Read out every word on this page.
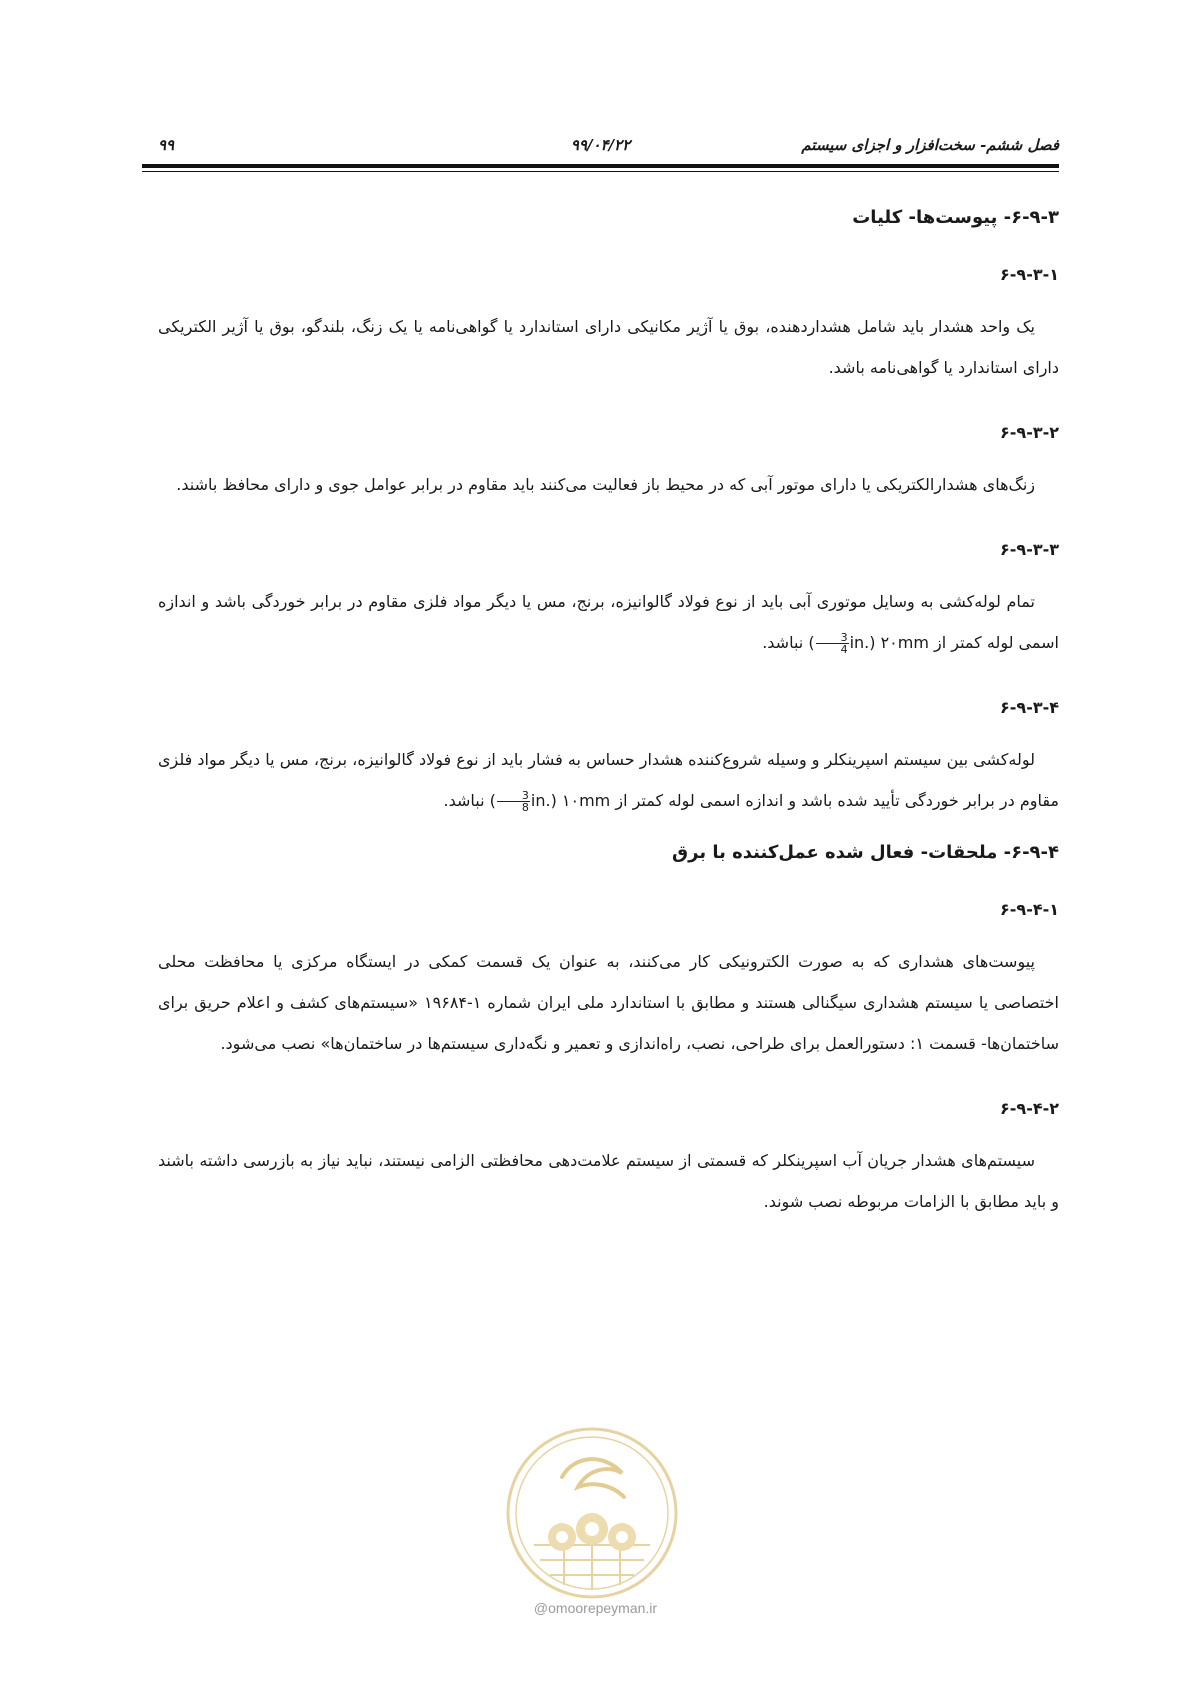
فصل ششم- سخت‌افزار و اجزای سیستم
۹۹/۰۴/۲۲
۹۹
۶-۹-۳- پیوست‌ها- کلیات

۶-۹-۳-۱

یک واحد هشدار باید شامل هشداردهنده، بوق یا آژیر مکانیکی دارای استاندارد یا گواهی‌نامه یا یک زنگ، بلندگو، بوق یا آژیر الکتریکی دارای استاندارد یا گواهی‌نامه باشد.

۶-۹-۳-۲

زنگ‌های هشدارالکتریکی یا دارای موتور آبی که در محیط باز فعالیت می‌کنند باید مقاوم در برابر عوامل جوی و دارای محافظ باشند.

۶-۹-۳-۳

تمام لوله‌کشی به وسایل موتوری آبی باید از نوع فولاد گالوانیزه، برنج، مس یا دیگر مواد فلزی مقاوم در برابر خوردگی باشد و اندازه اسمی لوله کمتر از ۲۰mm (in.
$\frac{3}{4}$
) نباشد.

۶-۹-۳-۴

لوله‌کشی بین سیستم اسپرینکلر و وسیله شروع‌کننده هشدار حساس به فشار باید از نوع فولاد گالوانیزه، برنج، مس یا دیگر مواد فلزی مقاوم در برابر خوردگی تأیید شده باشد و اندازه اسمی لوله کمتر از ۱۰mm (in.
$\frac{3}{8}$
) نباشد.

۶-۹-۴- ملحقات- فعال شده عمل‌کننده با برق

۶-۹-۴-۱

پیوست‌های هشداری که به صورت الکترونیکی کار می‌کنند، به عنوان یک قسمت کمکی در ایستگاه مرکزی یا محافظت محلی اختصاصی یا سیستم هشداری سیگنالی هستند و مطابق با استاندارد ملی ایران شماره ۱-۱۹۶۸۴ «سیستم‌های کشف و اعلام حریق برای ساختمان‌ها- قسمت ۱: دستورالعمل برای طراحی، نصب، راه‌اندازی و تعمیر و نگه‌داری سیستم‌ها در ساختمان‌ها» نصب می‌شود.

۶-۹-۴-۲

سیستم‌های هشدار جریان آب اسپرینکلر که قسمتی از سیستم علامت‌دهی محافظتی الزامی نیستند، نباید نیاز به بازرسی داشته باشند و باید مطابق با الزامات مربوطه نصب شوند.

@omoorepeyman.ir
